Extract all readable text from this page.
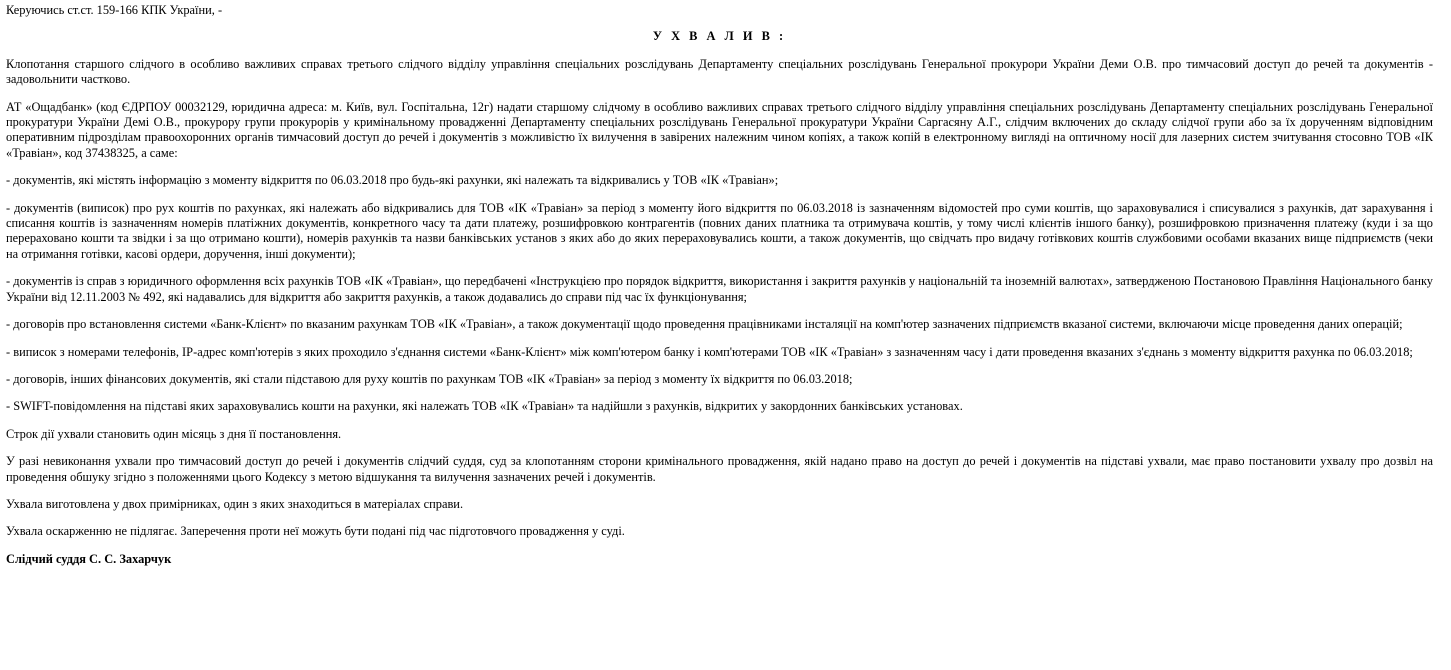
Керуючись ст.ст. 159-166 КПК України, -

У Х В А Л И В :

Клопотання старшого слідчого в особливо важливих справах третього слідчого відділу управління спеціальних розслідувань Департаменту спеціальних розслідувань Генеральної прокурори України Деми О.В. про тимчасовий доступ до речей та документів - задовольнити частково.

АТ «Ощадбанк» (код ЄДРПОУ 00032129, юридична адреса: м. Київ, вул. Госпітальна, 12г) надати старшому слідчому в особливо важливих справах третього слідчого відділу управління спеціальних розслідувань Департаменту спеціальних розслідувань Генеральної прокуратури України Демі О.В., прокурору групи прокурорів у кримінальному провадженні Департаменту спеціальних розслідувань Генеральної прокуратури України Саргасяну А.Г., слідчим включених до складу слідчої групи або за їх дорученням відповідним оперативним підрозділам правоохоронних органів тимчасовий доступ до речей і документів з можливістю їх вилучення в завірених належним чином копіях, а також копій в електронному вигляді на оптичному носії для лазерних систем зчитування стосовно ТОВ «ІК «Травіан», код 37438325, а саме:

- документів, які містять інформацію з моменту відкриття по 06.03.2018 про будь-які рахунки, які належать та відкривались у ТОВ «ІК «Травіан»;

- документів (виписок) про рух коштів по рахунках, які належать або відкривались для ТОВ «ІК «Травіан» за період з моменту його відкриття по 06.03.2018 із зазначенням відомостей про суми коштів, що зараховувалися і списувалися з рахунків, дат зарахування і списання коштів із зазначенням номерів платіжних документів, конкретного часу та дати платежу, розшифровкою контрагентів (повних даних платника та отримувача коштів, у тому числі клієнтів іншого банку), розшифровкою призначення платежу (куди і за що перераховано кошти та звідки і за що отримано кошти), номерів рахунків та назви банківських установ з яких або до яких перераховувались кошти, а також документів, що свідчать про видачу готівкових коштів службовими особами вказаних вище підприємств (чеки на отримання готівки, касові ордери, доручення, інші документи);

- документів із справ з юридичного оформлення всіх рахунків ТОВ «ІК «Травіан», що передбачені «Інструкцією про порядок відкриття, використання і закриття рахунків у національній та іноземній валютах», затвердженою Постановою Правління Національного банку України від 12.11.2003 № 492, які надавались для відкриття або закриття рахунків, а також додавались до справи під час їх функціонування;

- договорів про встановлення системи «Банк-Клієнт» по вказаним рахункам ТОВ «ІК «Травіан», а також документації щодо проведення працівниками інсталяції на комп'ютер зазначених підприємств вказаної системи, включаючи місце проведення даних операцій;

- виписок з номерами телефонів, IP-адрес комп'ютерів з яких проходило з'єднання системи «Банк-Клієнт» між комп'ютером банку і комп'ютерами ТОВ «ІК «Травіан» з зазначенням часу і дати проведення вказаних з'єднань з моменту відкриття рахунка по 06.03.2018;

- договорів, інших фінансових документів, які стали підставою для руху коштів по рахункам ТОВ «ІК «Травіан» за період з моменту їх відкриття по 06.03.2018;

- SWIFT-повідомлення на підставі яких зараховувались кошти на рахунки, які належать ТОВ «ІК «Травіан» та надійшли з рахунків, відкритих у закордонних банківських установах.

Строк дії ухвали становить один місяць з дня її постановлення.

У разі невиконання ухвали про тимчасовий доступ до речей і документів слідчий суддя, суд за клопотанням сторони кримінального провадження, якій надано право на доступ до речей і документів на підставі ухвали, має право постановити ухвалу про дозвіл на проведення обшуку згідно з положеннями цього Кодексу з метою відшукання та вилучення зазначених речей і документів.

Ухвала виготовлена у двох примірниках, один з яких знаходиться в матеріалах справи.

Ухвала оскарженню не підлягає. Заперечення проти неї можуть бути подані під час підготовчого провадження у суді.

Слідчий суддя С. С. Захарчук
